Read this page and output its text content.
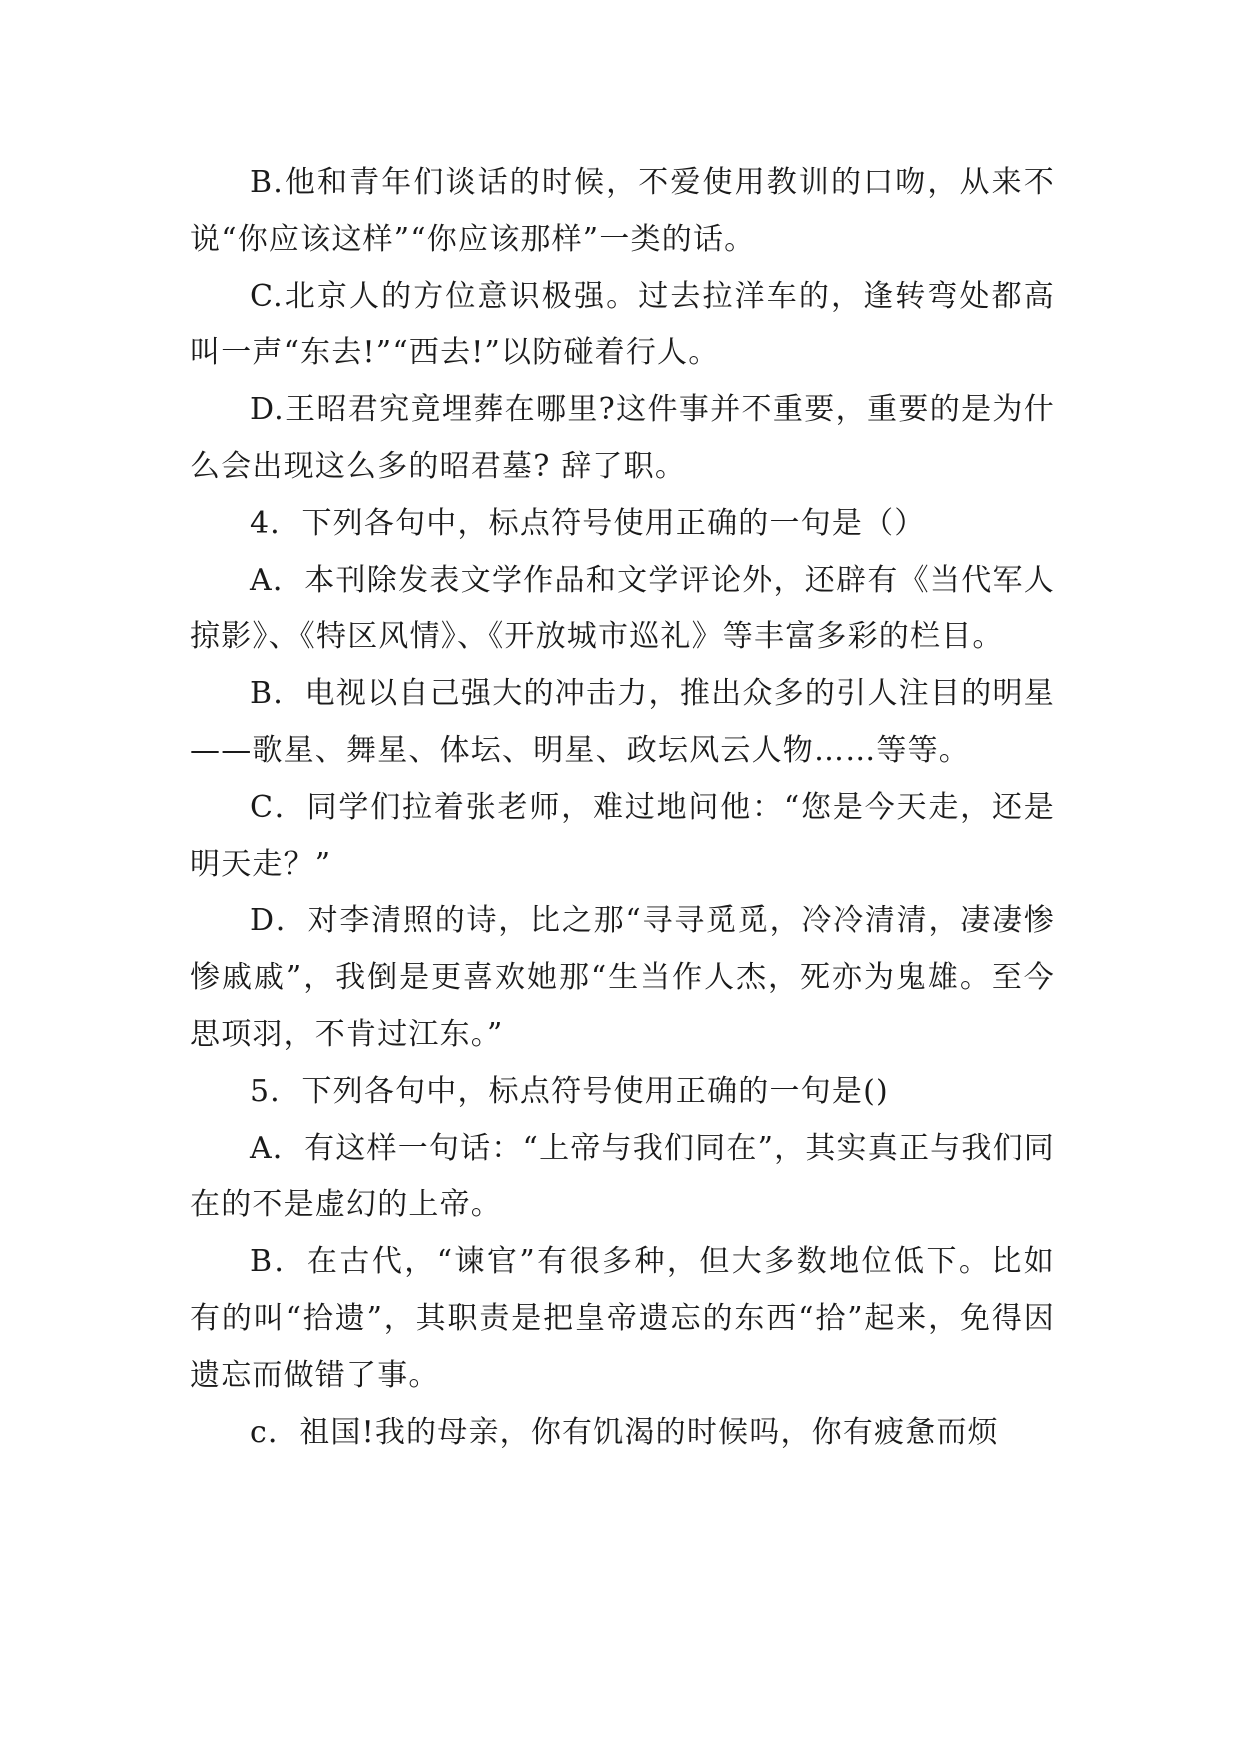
B.他和青年们谈话的时候，不爱使用教训的口吻，从来不说“你应该这样”“你应该那样”一类的话。

C.北京人的方位意识极强。过去拉洋车的，逢转弯处都高叫一声“东去!”“西去!”以防碰着行人。

D.王昭君究竟埋葬在哪里?这件事并不重要，重要的是为什么会出现这么多的昭君墓? 辞了职。

4．下列各句中，标点符号使用正确的一句是（）

A．本刊除发表文学作品和文学评论外，还辟有《当代军人掠影》、《特区风情》、《开放城市巡礼》等丰富多彩的栏目。

B．电视以自己强大的冲击力，推出众多的引人注目的明星——歌星、舞星、体坛、明星、政坛风云人物……等等。

C．同学们拉着张老师，难过地问他：“您是今天走，还是明天走？”

D．对李清照的诗，比之那“寻寻觅觅，冷冷清清，凄凄惨惨戚戚”，我倒是更喜欢她那“生当作人杰，死亦为鬼雄。至今思项羽，不肯过江东。”

5．下列各句中，标点符号使用正确的一句是()

A．有这样一句话：“上帝与我们同在”，其实真正与我们同在的不是虚幻的上帝。

B．在古代，“谏官”有很多种，但大多数地位低下。比如有的叫“拾遗”，其职责是把皇帝遗忘的东西“拾”起来，免得因遗忘而做错了事。

c．祖国!我的母亲，你有饥渴的时候吗，你有疲惫而烦
